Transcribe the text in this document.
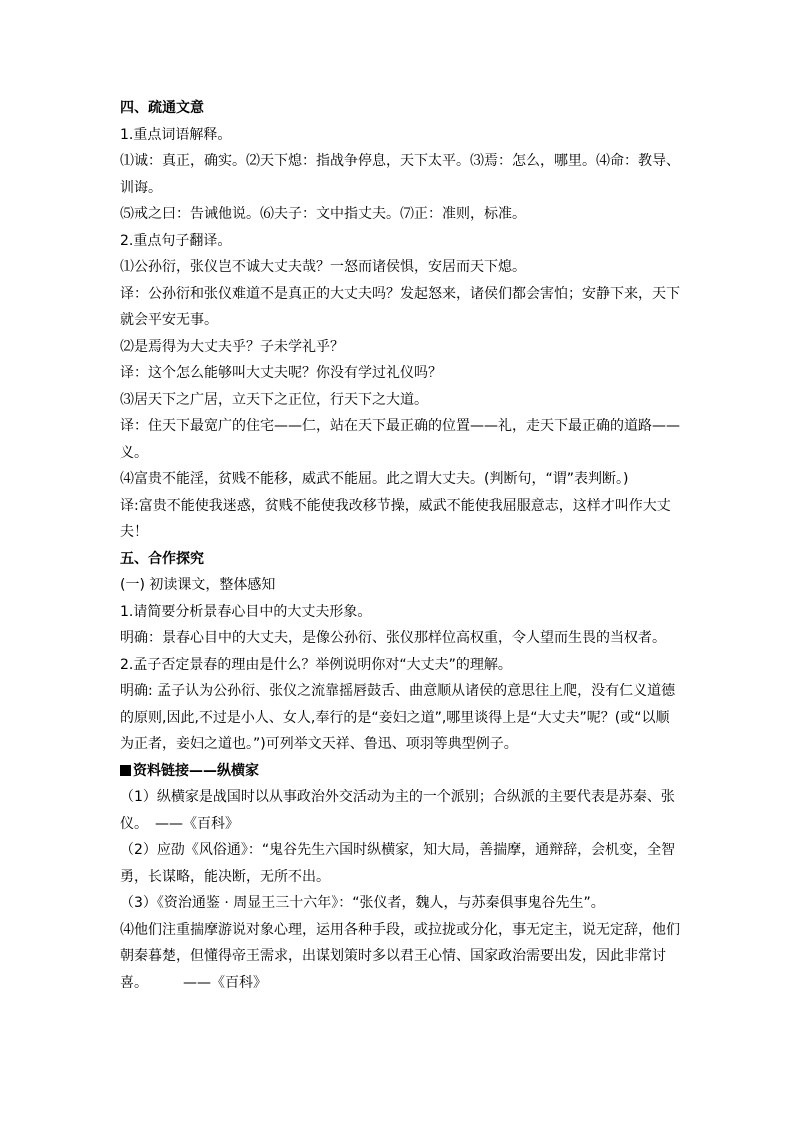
四、疏通文意

1.重点词语解释。

⑴诚：真正，确实。⑵天下熄：指战争停息，天下太平。⑶焉：怎么，哪里。⑷命：教导、训诲。

⑸戒之曰：告诫他说。⑹夫子：文中指丈夫。⑺正：准则，标准。

2.重点句子翻译。

⑴公孙衍，张仪岂不诚大丈夫哉？一怒而诸侯惧，安居而天下熄。

译：公孙衍和张仪难道不是真正的大丈夫吗？发起怒来，诸侯们都会害怕；安静下来，天下就会平安无事。

⑵是焉得为大丈夫乎？子未学礼乎？

译：这个怎么能够叫大丈夫呢？你没有学过礼仪吗？

⑶居天下之广居，立天下之正位，行天下之大道。

译：住天下最宽广的住宅——仁，站在天下最正确的位置——礼，走天下最正确的道路——义。

⑷富贵不能淫，贫贱不能移，威武不能屈。此之谓大丈夫。(判断句，“谓”表判断。)

译:富贵不能使我迷惑，贫贱不能使我改移节操，威武不能使我屈服意志，这样才叫作大丈夫！

五、合作探究

(一) 初读课文，整体感知

1.请简要分析景春心目中的大丈夫形象。

明确：景春心目中的大丈夫，是像公孙衍、张仪那样位高权重，令人望而生畏的当权者。

2.孟子否定景春的理由是什么？举例说明你对“大丈夫”的理解。

明确: 孟子认为公孙衍、张仪之流靠摇唇鼓舌、曲意顺从诸侯的意思往上爬，没有仁义道德的原则,因此,不过是小人、女人,奉行的是“妾妇之道”,哪里谈得上是“大丈夫”呢？(或“以顺为正者，妾妇之道也。”)可列举文天祥、鲁迅、项羽等典型例子。

资料链接——纵横家

（1）纵横家是战国时以从事政治外交活动为主的一个派别；合纵派的主要代表是苏秦、张仪。　——《百科》

（2）应劭《风俗通》：“鬼谷先生六国时纵横家，知大局，善揣摩，通辩辞，会机变，全智勇，长谋略，能决断，无所不出。

（3）《资治通鉴 · 周显王三十六年》：“张仪者，魏人，与苏秦俱事鬼谷先生”。

⑷他们注重揣摩游说对象心理，运用各种手段，或拉拢或分化，事无定主，说无定辞，他们朝秦暮楚，但懂得帝王需求，出谋划策时多以君王心情、国家政治需要出发，因此非常讨喜。　　　——《百科》
